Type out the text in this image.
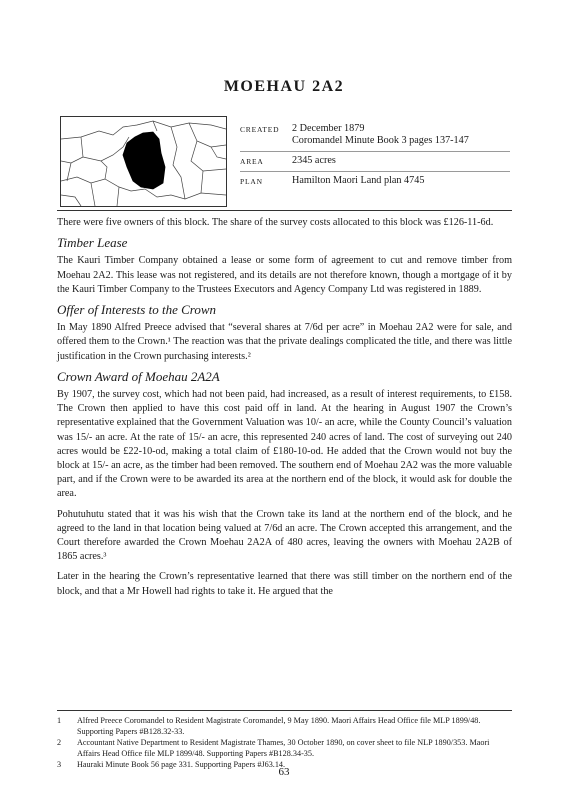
MOEHAU 2A2
CREATED	2 December 1879
Coromandel Minute Book 3 pages 137-147
AREA	2345 acres
PLAN	Hamilton Maori Land plan 4745

There were five owners of this block. The share of the survey costs allocated to this block was £126-11-6d.

Timber Lease

The Kauri Timber Company obtained a lease or some form of agreement to cut and remove timber from Moehau 2A2. This lease was not registered, and its details are not therefore known, though a mortgage of it by the Kauri Timber Company to the Trustees Executors and Agency Company Ltd was registered in 1889.

Offer of Interests to the Crown

In May 1890 Alfred Preece advised that “several shares at 7/6d per acre” in Moehau 2A2 were for sale, and offered them to the Crown.¹ The reaction was that the private dealings complicated the title, and there was little justification in the Crown purchasing interests.²

Crown Award of Moehau 2A2A

By 1907, the survey cost, which had not been paid, had increased, as a result of interest requirements, to £158. The Crown then applied to have this cost paid off in land. At the hearing in August 1907 the Crown’s representative explained that the Government Valuation was 10/- an acre, while the County Council’s valuation was 15/- an acre. At the rate of 15/- an acre, this represented 240 acres of land. The cost of surveying out 240 acres would be £22-10-od, making a total claim of £180-10-od. He added that the Crown would not buy the block at 15/- an acre, as the timber had been removed. The southern end of Moehau 2A2 was the more valuable part, and if the Crown were to be awarded its area at the northern end of the block, it would ask for double the area.

Pohutuhutu stated that it was his wish that the Crown take its land at the northern end of the block, and he agreed to the land in that location being valued at 7/6d an acre. The Crown accepted this arrangement, and the Court therefore awarded the Crown Moehau 2A2A of 480 acres, leaving the owners with Moehau 2A2B of 1865 acres.³

Later in the hearing the Crown’s representative learned that there was still timber on the northern end of the block, and that a Mr Howell had rights to take it. He argued that the

1	Alfred Preece Coromandel to Resident Magistrate Coromandel, 9 May 1890. Maori Affairs Head Office file MLP 1899/48. Supporting Papers #B128.32-33.
2	Accountant Native Department to Resident Magistrate Thames, 30 October 1890, on cover sheet to file NLP 1890/353. Maori Affairs Head Office file MLP 1899/48. Supporting Papers #B128.34-35.
3	Hauraki Minute Book 56 page 331. Supporting Papers #J63.14.
63
